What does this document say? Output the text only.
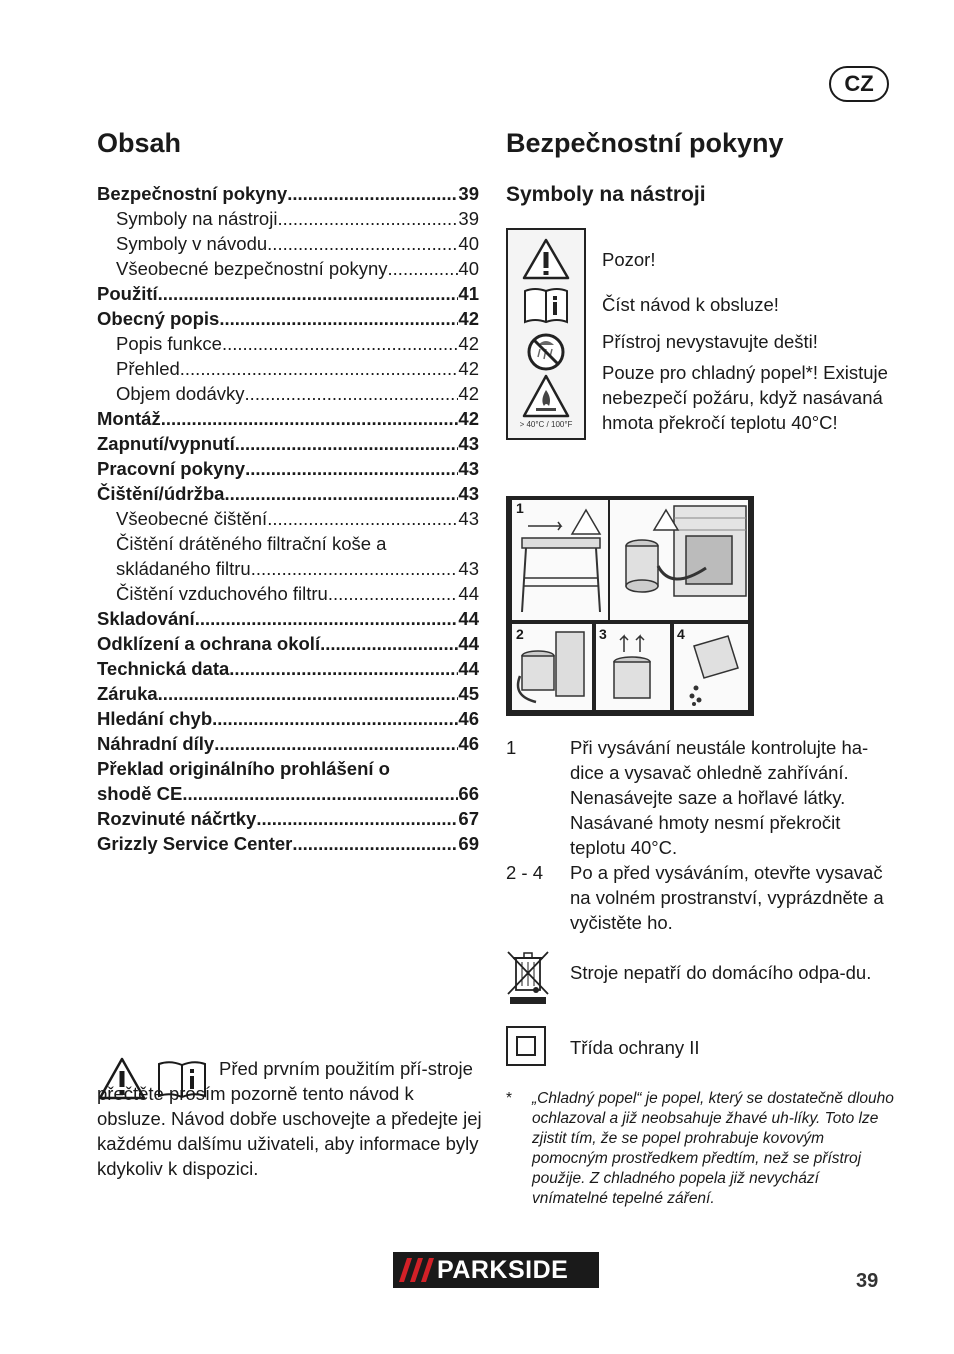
CZ
Obsah
Bezpečnostní pokyny .....	39
Symboly na nástroji .....	39
Symboly v návodu .....	40
Všeobecné bezpečnostní pokyny .....	40
Použití .....	41
Obecný popis .....	42
Popis funkce .....	42
Přehled .....	42
Objem dodávky .....	42
Montáž .....	42
Zapnutí/vypnutí .....	43
Pracovní pokyny .....	43
Čištění/údržba .....	43
Všeobecné čištění .....	43
Čištění drátěného filtrační koše a
skládaného filtru .....	43
Čištění vzduchového filtru .....	44
Skladování .....	44
Odklízení a ochrana okolí .....	44
Technická data .....	44
Záruka .....	45
Hledání chyb .....	46
Náhradní díly .....	46
Překlad originálního prohlášení o
shodě CE .....	66
Rozvinuté náčrtky .....	67
Grizzly Service Center .....	69
Před prvním použitím pří-stroje přečtěte prosím pozorně tento návod k obsluze. Návod dobře uschovejte a předejte jej každému dalšímu uživateli, aby informace byly kdykoliv k dispozici.
Bezpečnostní pokyny
Symboly na nástroji
> 40°C / 100°F
Pozor!
Číst návod k obsluze!
Přístroj nevystavujte dešti!
Pouze pro chladný popel*! Existuje nebezpečí požáru, když nasávaná hmota překročí teplotu 40°C!
1
2	3	4
1	Při vysávání neustále kontrolujte ha-dice a vysavač ohledně zahřívání. Nenasávejte saze a hořlavé látky. Nasávané hmoty nesmí překročit teplotu 40°C.
2 - 4	Po a před vysáváním, otevřte vysavač na volném prostranství, vyprázdněte a vyčistěte ho.
Stroje nepatří do domácího odpa-du.
Třída ochrany II
*	„Chladný popel“ je popel, který se dostatečně dlouho ochlazoval a již neobsahuje žhavé uh-líky. Toto lze zjistit tím, že se popel prohrabuje kovovým pomocným prostředkem předtím, než se přístroj použije. Z chladného popela již nevychází vnímatelné tepelné záření.
PARKSIDE	39
